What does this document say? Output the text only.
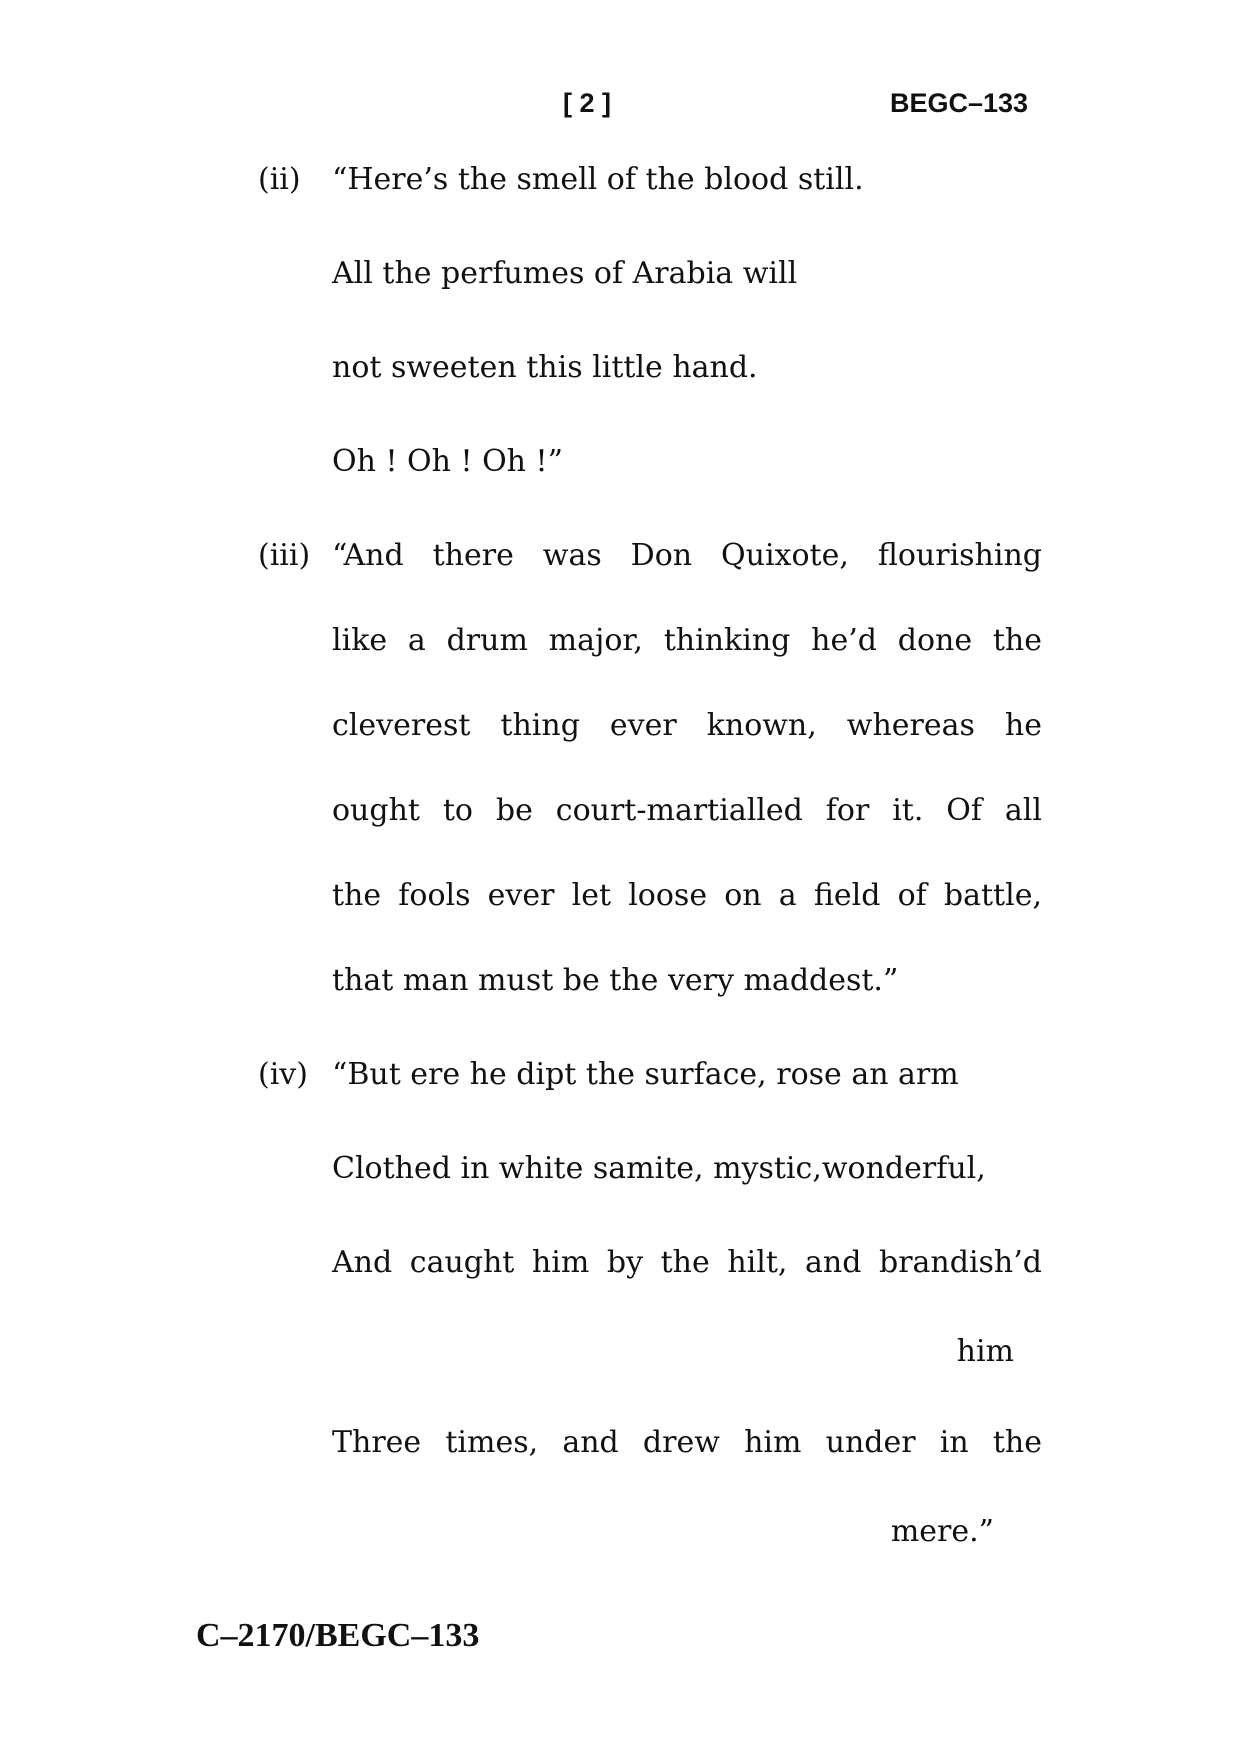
[ 2 ]	BEGC–133
(ii) “Here’s the smell of the blood still.
All the perfumes of Arabia will
not sweeten this little hand.
Oh ! Oh ! Oh !”
(iii) “And there was Don Quixote, flourishing
like a drum major, thinking he’d done the
cleverest thing ever known, whereas he
ought to be court-martialled for it. Of all
the fools ever let loose on a field of battle,
that man must be the very maddest.”
(iv) “But ere he dipt the surface, rose an arm
Clothed in white samite, mystic,wonderful,
And caught him by the hilt, and brandish’d
him
Three times, and drew him under in the
mere.”
C–2170/BEGC–133
